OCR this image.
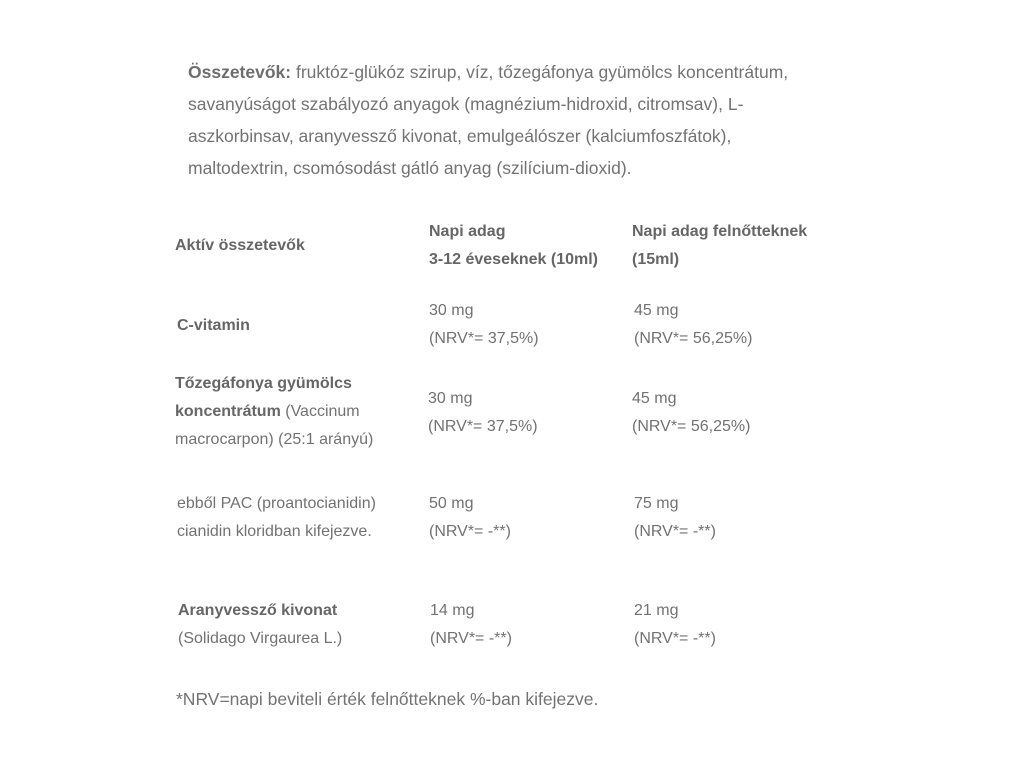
Összetevők: fruktóz-glükóz szirup, víz, tőzegáfonya gyümölcs koncentrátum,
savanyúságot szabályozó anyagok (magnézium-hidroxid, citromsav), L-
aszkorbinsav, aranyvessző kivonat, emulgeálószer (kalciumfoszfátok),
maltodextrin, csomósodást gátló anyag (szilícium-dioxid).
Aktív összetevők
Napi adag
3-12 éveseknek (10ml)
Napi adag felnőtteknek
(15ml)
C-vitamin
30 mg
(NRV*= 37,5%)
45 mg
(NRV*= 56,25%)
Tőzegáfonya gyümölcs
koncentrátum (Vaccinum
macrocarpon) (25:1 arányú)
30 mg
(NRV*= 37,5%)
45 mg
(NRV*= 56,25%)
ebből PAC (proantocianidin)
cianidin kloridban kifejezve.
50 mg
(NRV*= -**)
75 mg
(NRV*= -**)
Aranyvessző kivonat
(Solidago Virgaurea L.)
14 mg
(NRV*= -**)
21 mg
(NRV*= -**)
*NRV=napi beviteli érték felnőtteknek %-ban kifejezve.
